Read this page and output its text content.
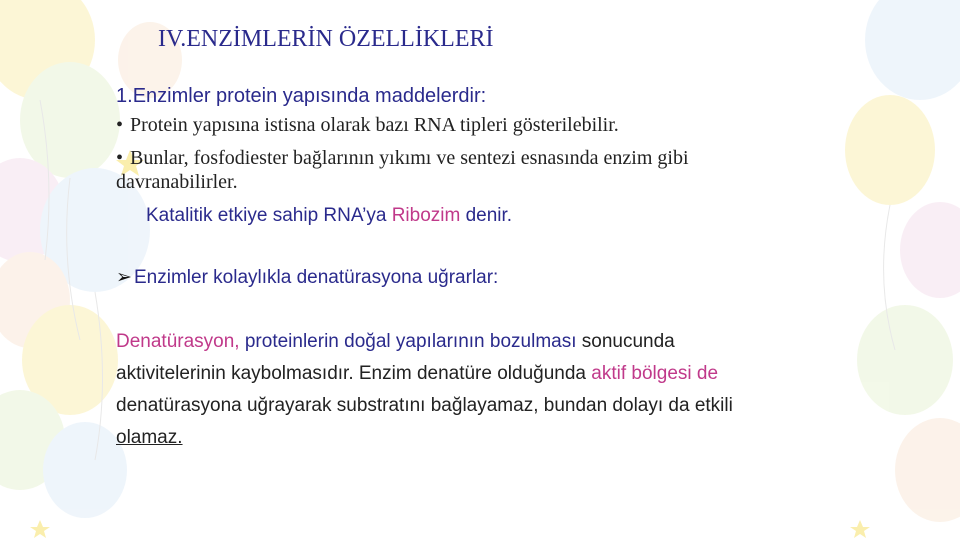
IV.ENZİMLERİN ÖZELLİKLERİ
1.Enzimler protein yapısında maddelerdir:
• Protein yapısına istisna olarak bazı RNA tipleri gösterilebilir.
• Bunlar, fosfodiester bağlarının yıkımı ve sentezi esnasında enzim gibi
davranabilirler.
Katalitik etkiye sahip RNA’ya Ribozim denir.
➢ Enzimler kolaylıkla denatürasyona uğrarlar:
Denatürasyon, proteinlerin doğal yapılarının bozulması sonucunda
aktivitelerinin kaybolmasıdır. Enzim denatüre olduğunda aktif bölgesi de
denatürasyona uğrayarak substratını bağlayamaz, bundan dolayı da etkili
olamaz.
